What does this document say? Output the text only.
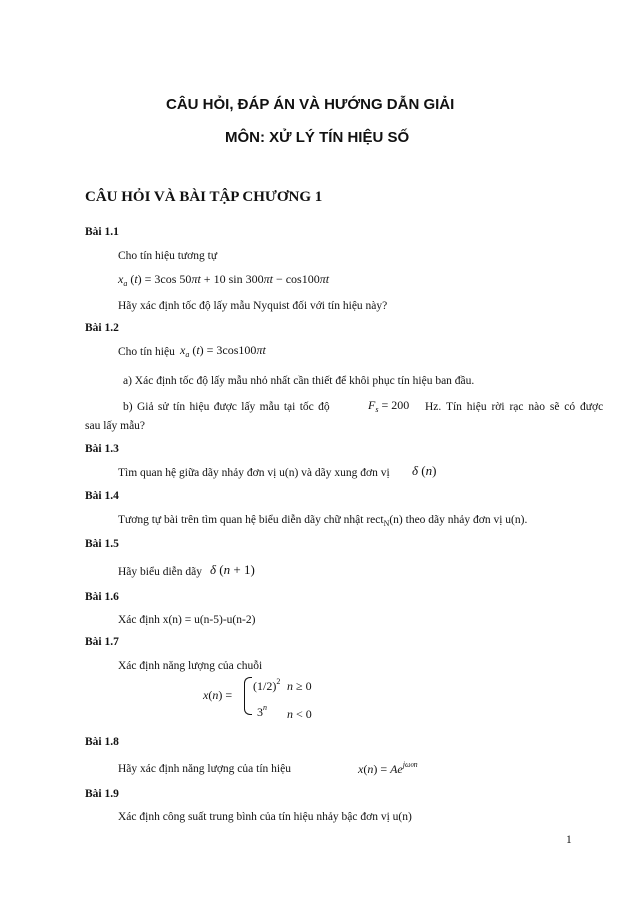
CÂU HỎI, ĐÁP ÁN VÀ HƯỚNG DẪN GIẢI
MÔN: XỬ LÝ TÍN HIỆU SỐ
CÂU HỎI VÀ BÀI TẬP CHƯƠNG 1
Bài 1.1
Cho tín hiệu tương tự
$x_a$ (t) = 3cos 50πt + 10 sin 300πt − cos100πt
Hãy xác định tốc độ lấy mẫu Nyquist đối với tín hiệu này?
Bài 1.2
Cho tín hiệu $x_a$ (t) = 3cos100πt
a) Xác định tốc độ lấy mẫu nhỏ nhất cần thiết để khôi phục tín hiệu ban đầu.
b) Giả sử tín hiệu được lấy mẫu tại tốc độ	$F_s = 200$ Hz. Tín hiệu rời rạc nào sẽ có được
sau lấy mẫu?
Bài 1.3
Tìm quan hệ giữa dãy nhảy đơn vị u(n) và dãy xung đơn vị δ (n)
Bài 1.4
Tương tự bài trên tìm quan hệ biểu diễn dãy chữ nhật rect$_N$(n) theo dãy nhảy đơn vị u(n).
Bài 1.5
Hãy biểu diễn dãy δ (n + 1)
Bài 1.6
Xác định x(n) = u(n-5)-u(n-2)
Bài 1.7
Xác định năng lượng của chuỗi
x(n) =
$(1/2)^2$ n ≥ 0
3$^n$ n < 0
Bài 1.8
Hãy xác định năng lượng của tín hiệu	$x(n) = Ae^{j\omega 0n}$
Bài 1.9
Xác định công suất trung bình của tín hiệu nhảy bậc đơn vị u(n)
1
